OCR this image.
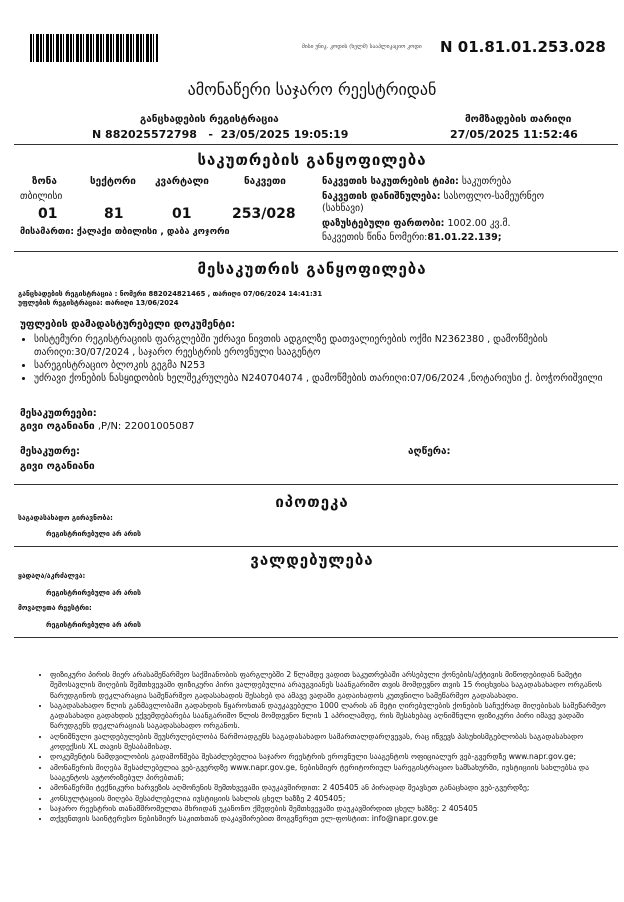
მისი უნიკ. კოდის (ხელმ) სააპლიკაციო კოდი N 01.81.01.253.028
ამონაწერი საჯარო რეესტრიდან
განცხადების რეგისტრაცია
N 882025572798   -  23/05/2025 19:05:19
მომზადების თარიღი
27/05/2025 11:52:46
საკუთრების განყოფილება
ზონა
თბილისი
01
სექტორი
81
კვარტალი
01
ნაკვეთი
253/028
მისამართი: ქალაქი თბილისი , დაბა კოჯორი
ნაკვეთის საკუთრების ტიპი: საკუთრება
ნაკვეთის დანიშნულება: სასოფლო-სამეურნეო
(სახნავი)
დაზუსტებული ფართობი: 1002.00 კვ.მ.
ნაკვეთის წინა ნომერი:81.01.22.139;
მესაკუთრის განყოფილება
განცხადების რეგისტრაცია : ნომერი 882024821465 , თარიღი 07/06/2024 14:41:31
უფლების რეგისტრაცია: თარიღი 13/06/2024
უფლების დამადასტურებელი დოკუმენტი:
• სისტემური რეგისტრაციის ფარგლებში უძრავი ნივთის ადგილზე დათვალიერების ოქმი N2362380 , დამოწმების თარიღი:30/07/2024 , საჯარო რეესტრის ეროვნული სააგენტო
• სარეგისტრაციო ბლოკის გეგმა N253
• უძრავი ქონების ნასყიდობის ხელშეკრულება N240704074 , დამოწმების თარიღი:07/06/2024 ,ნოტარიუსი ქ. ბოჭორიშვილი
მესაკუთრეები:
გივი ოგანიანი ,P/N: 22001005087
მესაკუთრე:
გივი ოგანიანი
აღწერა:
იპოთეკა
საგადასახადო გირავნობა:
რეგისტრირებული არ არის
ვალდებულება
ყადაღა/აკრძალვა:
რეგისტრირებული არ არის
მოვალეთა რეესტრი:
რეგისტრირებული არ არის
• ფიზიკური პირის მიერ არასამეწარმეო საქმიანობის ფარგლებში 2 წლამდე ვადით საკუთრებაში არსებული ქონების/აქტივის მიწოდებიდან ნამეტი შემოსავლის მიღების შემთხვევაში ფიზიკური პირი ვალდებულია არაუგვიანეს საანგარიშო თვის მომდევნო თვის 15 რიცხვისა საგადასახადო ორგანოს წარუდგინოს დეკლარაცია სამეწარმეო გადასახადის შესახებ და ამავე ვადაში გადაიხადოს კუთვნილი სამეწარმეო გადასახადი.
• საგადასახადო წლის განმავლობაში გადახდის წყაროსთან დაუკავებელი 1000 ლარის ან მეტი ღირებულების ქონების საჩუქრად მიღებისას სამეწარმეო გადასახადი გადახდის ექვემდებარება საანგარიშო წლის მომდევნო წლის 1 აპრილამდე, რის შესახებაც აღნიშნული ფიზიკური პირი იმავე ვადაში წარუდგენს დეკლარაციას საგადასახადო ორგანოს.
• აღნიშნული ვალდებულების შეუსრულებლობა წარმოადგენს საგადასახადო სამართალდარღვევას, რაც იწვევს პასუხისმგებლობას საგადასახადო კოდექსის XL თავის შესაბამისად.
• დოკუმენტის ნამდვილობის გადამოწმება შესაძლებელია საჯარო რეესტრის ეროვნული სააგენტოს ოფიციალურ ვებ-გვერდზე www.napr.gov.ge;
• ამონაწერის მიღება შესაძლებელია ვებ-გვერდზე www.napr.gov.ge, ნებისმიერ ტერიტორიულ სარეგისტრაციო სამსახურში, იუსტიციის სახლებსა და სააგენტოს ავტორიზებულ პირებთან;
• ამონაწერში ტექნიკური ხარვეზის აღმოჩენის შემთხვევაში დაუკავშირდით: 2 405405 ან პირადად შეავსეთ განაცხადი ვებ-გვერდზე;
• კონსულტაციის მიღება შესაძლებელია იუსტიციის სახლის ცხელ ხაზზე 2 405405;
• საჯარო რეესტრის თანამშრომელთა მხრიდან უკანონო ქმედების შემთხვევაში დაუკავშირდით ცხელ ხაზზე: 2 405405
• თქვენთვის საინტერესო ნებისმიერ საკითხთან დაკავშირებით მოგვწერეთ ელ-ფოსტით: info@napr.gov.ge
